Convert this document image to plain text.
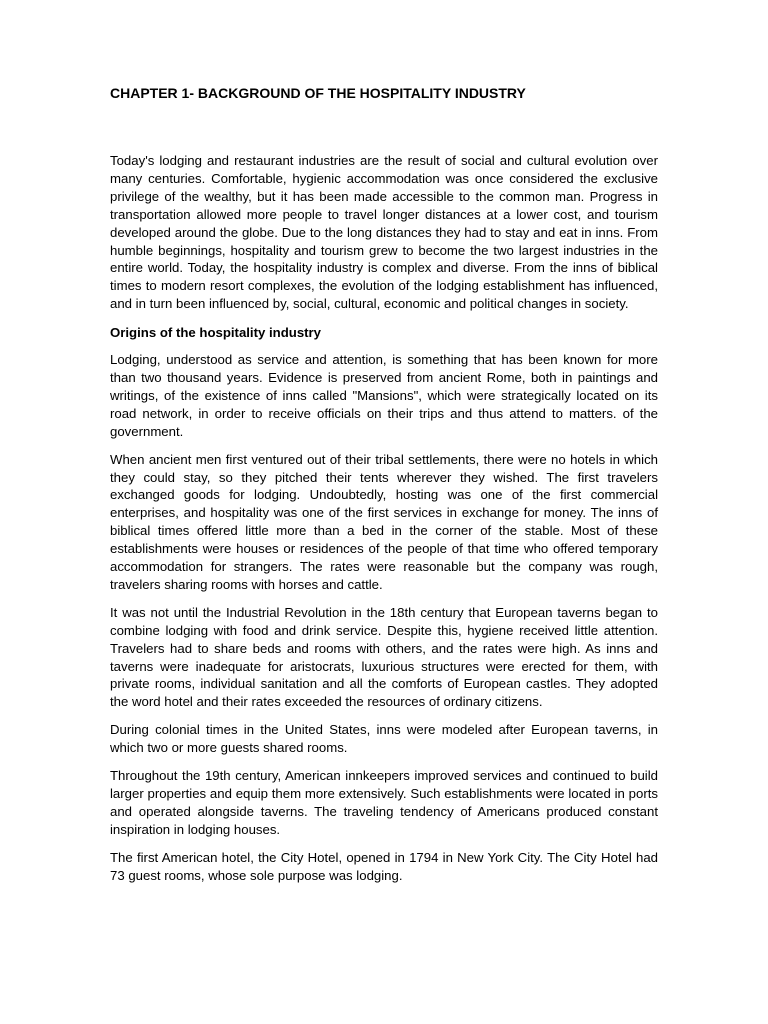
CHAPTER 1- BACKGROUND OF THE HOSPITALITY INDUSTRY

Today's lodging and restaurant industries are the result of social and cultural evolution over many centuries. Comfortable, hygienic accommodation was once considered the exclusive privilege of the wealthy, but it has been made accessible to the common man. Progress in transportation allowed more people to travel longer distances at a lower cost, and tourism developed around the globe. Due to the long distances they had to stay and eat in inns. From humble beginnings, hospitality and tourism grew to become the two largest industries in the entire world. Today, the hospitality industry is complex and diverse. From the inns of biblical times to modern resort complexes, the evolution of the lodging establishment has influenced, and in turn been influenced by, social, cultural, economic and political changes in society.

Origins of the hospitality industry

Lodging, understood as service and attention, is something that has been known for more than two thousand years. Evidence is preserved from ancient Rome, both in paintings and writings, of the existence of inns called "Mansions", which were strategically located on its road network, in order to receive officials on their trips and thus attend to matters. of the government.

When ancient men first ventured out of their tribal settlements, there were no hotels in which they could stay, so they pitched their tents wherever they wished. The first travelers exchanged goods for lodging. Undoubtedly, hosting was one of the first commercial enterprises, and hospitality was one of the first services in exchange for money. The inns of biblical times offered little more than a bed in the corner of the stable. Most of these establishments were houses or residences of the people of that time who offered temporary accommodation for strangers. The rates were reasonable but the company was rough, travelers sharing rooms with horses and cattle.

It was not until the Industrial Revolution in the 18th century that European taverns began to combine lodging with food and drink service. Despite this, hygiene received little attention. Travelers had to share beds and rooms with others, and the rates were high. As inns and taverns were inadequate for aristocrats, luxurious structures were erected for them, with private rooms, individual sanitation and all the comforts of European castles. They adopted the word hotel and their rates exceeded the resources of ordinary citizens.

During colonial times in the United States, inns were modeled after European taverns, in which two or more guests shared rooms.

Throughout the 19th century, American innkeepers improved services and continued to build larger properties and equip them more extensively. Such establishments were located in ports and operated alongside taverns. The traveling tendency of Americans produced constant inspiration in lodging houses.

The first American hotel, the City Hotel, opened in 1794 in New York City. The City Hotel had 73 guest rooms, whose sole purpose was lodging.
